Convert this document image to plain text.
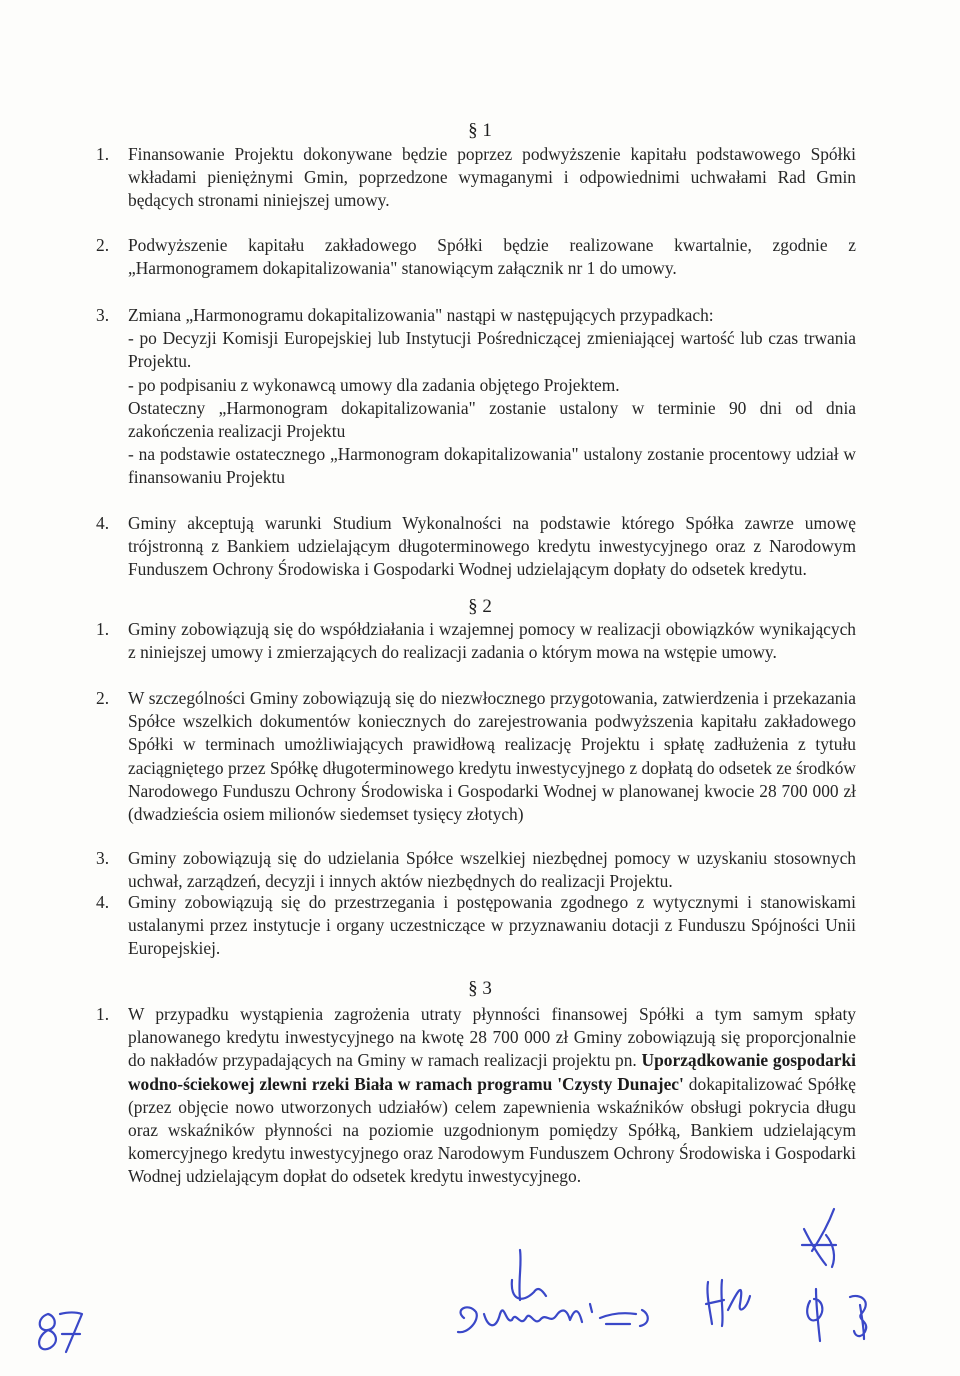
§ 1
1.	Finansowanie Projektu dokonywane będzie poprzez podwyższenie kapitału podstawowego Spółki wkładami pieniężnymi Gmin, poprzedzone wymaganymi i odpowiednimi uchwałami Rad Gmin będących stronami niniejszej umowy.
2.	Podwyższenie kapitału zakładowego Spółki będzie realizowane kwartalnie, zgodnie z „Harmonogramem dokapitalizowania" stanowiącym załącznik nr 1 do umowy.
3.	Zmiana „Harmonogramu dokapitalizowania" nastąpi w następujących przypadkach:
- po Decyzji Komisji Europejskiej lub Instytucji Pośredniczącej zmieniającej wartość lub czas trwania Projektu.
- po podpisaniu z wykonawcą umowy dla zadania objętego Projektem.
Ostateczny „Harmonogram dokapitalizowania" zostanie ustalony w terminie 90 dni od dnia zakończenia realizacji Projektu
- na podstawie ostatecznego „Harmonogram dokapitalizowania" ustalony zostanie procentowy udział w finansowaniu Projektu
4.	Gminy akceptują warunki Studium Wykonalności na podstawie którego Spółka zawrze umowę trójstronną z Bankiem udzielającym długoterminowego kredytu inwestycyjnego oraz z Narodowym Funduszem Ochrony Środowiska i Gospodarki Wodnej udzielającym dopłaty do odsetek kredytu.
§ 2
1.	Gminy zobowiązują się do współdziałania i wzajemnej pomocy w realizacji obowiązków wynikających z niniejszej umowy i zmierzających do realizacji zadania o którym mowa na wstępie umowy.
2.	W szczególności Gminy zobowiązują się do niezwłocznego przygotowania, zatwierdzenia i przekazania Spółce wszelkich dokumentów koniecznych do zarejestrowania podwyższenia kapitału zakładowego Spółki w terminach umożliwiających prawidłową realizację Projektu i spłatę zadłużenia z tytułu zaciągniętego przez Spółkę długoterminowego kredytu inwestycyjnego z dopłatą do odsetek ze środków Narodowego Funduszu Ochrony Środowiska i Gospodarki Wodnej w planowanej kwocie 28 700 000 zł (dwadzieścia osiem milionów siedemset tysięcy złotych)
3.	Gminy zobowiązują się do udzielania Spółce wszelkiej niezbędnej pomocy w uzyskaniu stosownych uchwał, zarządzeń, decyzji i innych aktów niezbędnych do realizacji Projektu.
4.	Gminy zobowiązują się do przestrzegania i postępowania zgodnego z wytycznymi i stanowiskami ustalanymi przez instytucje i organy uczestniczące w przyznawaniu dotacji z Funduszu Spójności Unii Europejskiej.
§ 3
1.	W przypadku wystąpienia zagrożenia utraty płynności finansowej Spółki a tym samym spłaty planowanego kredytu inwestycyjnego na kwotę 28 700 000 zł Gminy zobowiązują się proporcjonalnie do nakładów przypadających na Gminy w ramach realizacji projektu pn. Uporządkowanie gospodarki wodno-ściekowej zlewni rzeki Biała w ramach programu 'Czysty Dunajec' dokapitalizować Spółkę (przez objęcie nowo utworzonych udziałów) celem zapewnienia wskaźników obsługi pokrycia długu oraz wskaźników płynności na poziomie uzgodnionym pomiędzy Spółką, Bankiem udzielającym komercyjnego kredytu inwestycyjnego oraz Narodowym Funduszem Ochrony Środowiska i Gospodarki Wodnej udzielającym dopłat do odsetek kredytu inwestycyjnego.
